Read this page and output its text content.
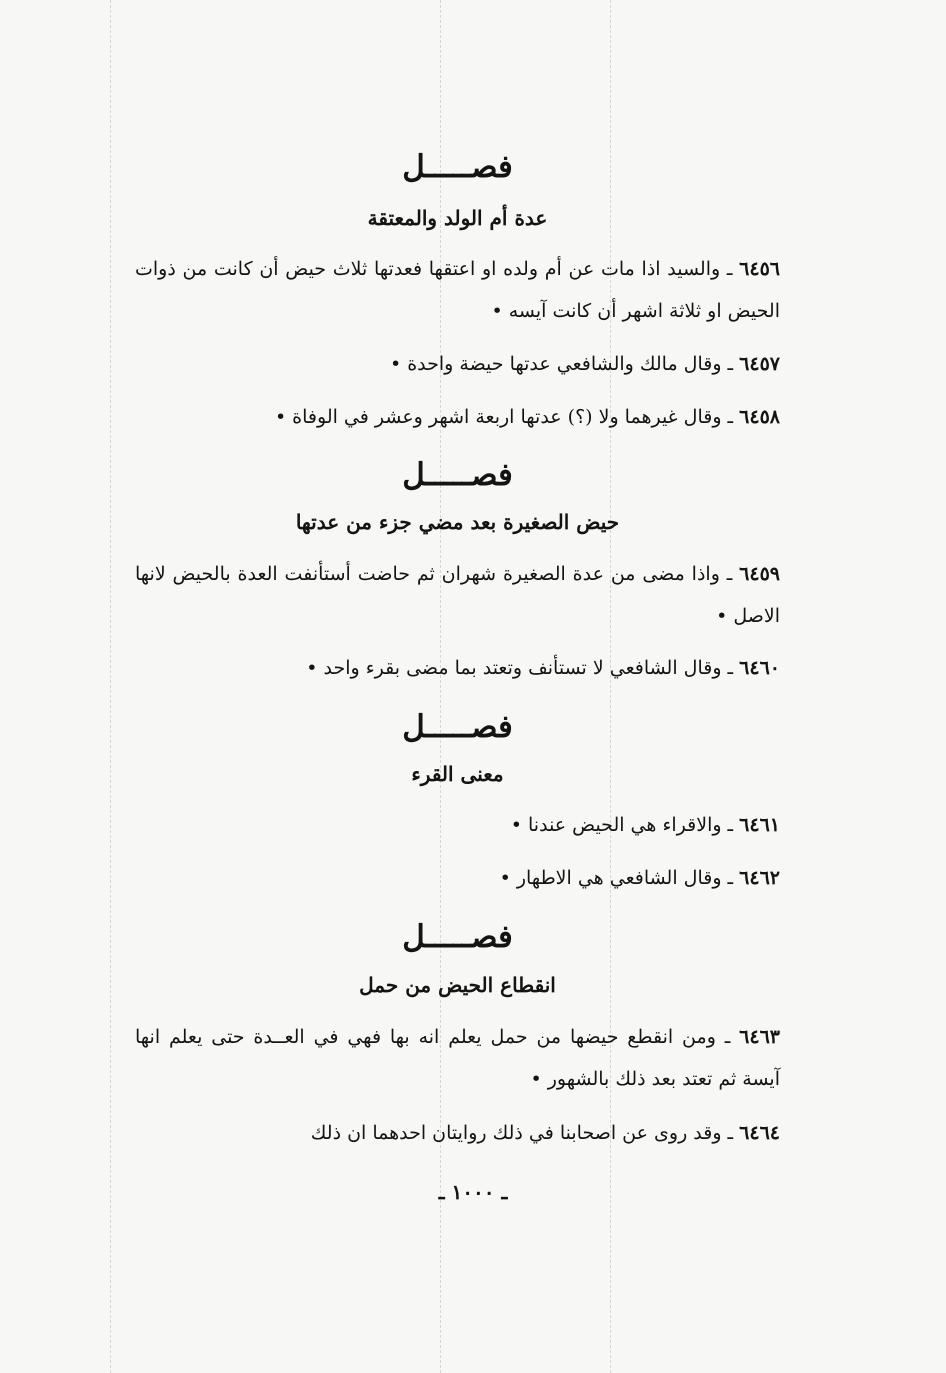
فصـــــل
عدة أم الولد والمعتقة
٦٤٥٦ ـ والسيد اذا مات عن أم ولده او اعتقها فعدتها ثلاث حيض أن كانت من ذوات الحيض او ثلاثة اشهر أن كانت آيسه •
٦٤٥٧ ـ وقال مالك والشافعي عدتها حيضة واحدة •
٦٤٥٨ ـ وقال غيرهما ولا (؟) عدتها اربعة اشهر وعشر في الوفاة •
فصـــــل
حيض الصغيرة بعد مضي جزء من عدتها
٦٤٥٩ ـ واذا مضى من عدة الصغيرة شهران ثم حاضت أستأنفت العدة بالحيض لانها الاصل •
٦٤٦٠ ـ وقال الشافعي لا تستأنف وتعتد بما مضى بقرء واحد •
فصـــــل
معنى القرء
٦٤٦١ ـ والاقراء هي الحيض عندنا •
٦٤٦٢ ـ وقال الشافعي هي الاطهار •
فصـــــل
انقطاع الحيض من حمل
٦٤٦٣ ـ ومن انقطع حيضها من حمل يعلم انه بها فهي في العــدة حتى يعلم انها آيسة ثم تعتد بعد ذلك بالشهور •
٦٤٦٤ ـ وقد روى عن اصحابنا في ذلك روايتان احدهما ان ذلك
ـ ١٠٠٠ ـ
